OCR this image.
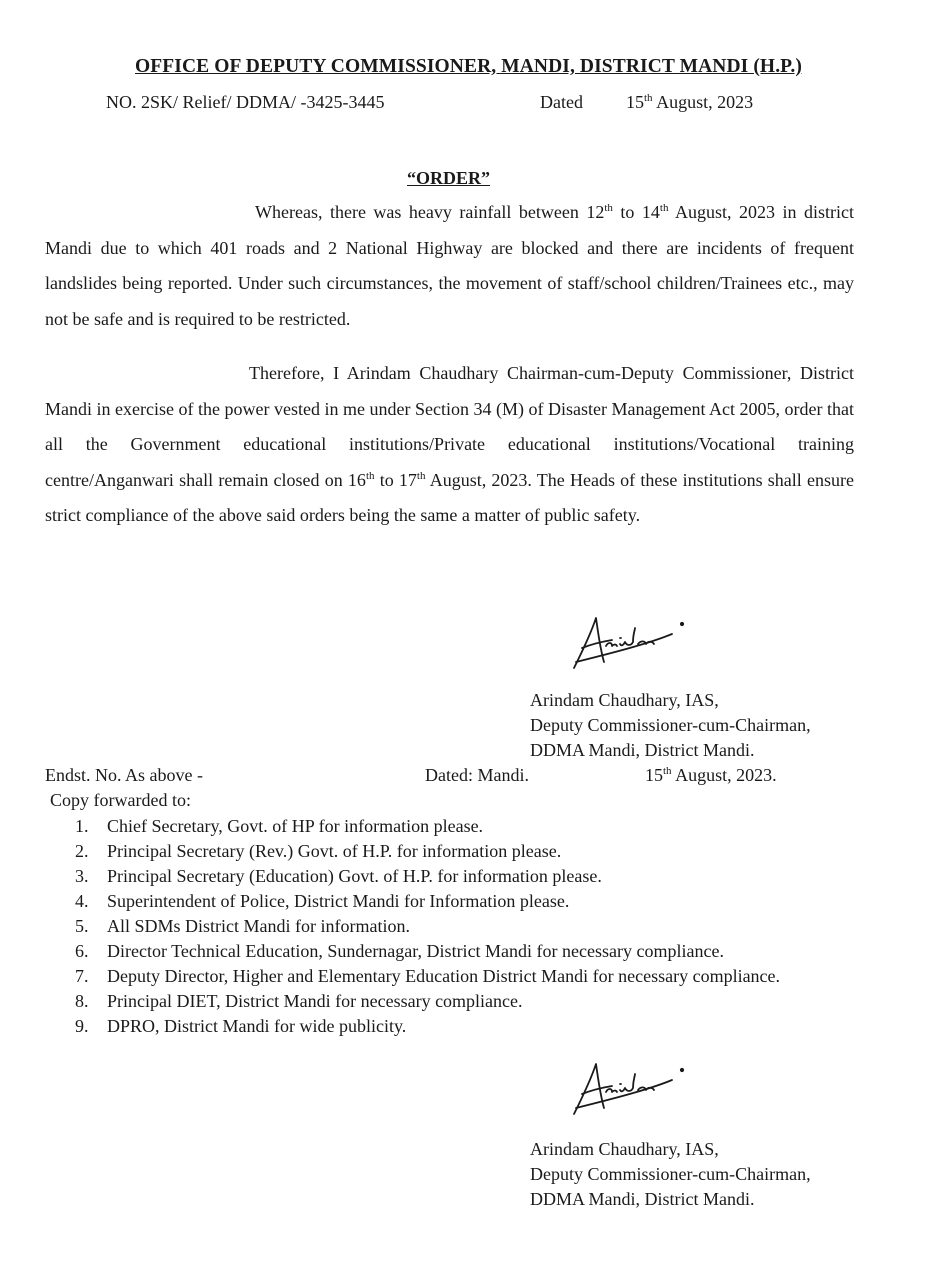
OFFICE OF DEPUTY COMMISSIONER, MANDI, DISTRICT MANDI (H.P.)
NO. 2SK/ Relief/ DDMA/ -3425-3445	Dated 15th August, 2023
“ORDER”
Whereas, there was heavy rainfall between 12th to 14th August, 2023 in district Mandi due to which 401 roads and 2 National Highway are blocked and there are incidents of frequent landslides being reported. Under such circumstances, the movement of staff/school children/Trainees etc., may not be safe and is required to be restricted.
Therefore, I Arindam Chaudhary Chairman-cum-Deputy Commissioner, District Mandi in exercise of the power vested in me under Section 34 (M) of Disaster Management Act 2005, order that all the Government educational institutions/Private educational institutions/Vocational training centre/Anganwari shall remain closed on 16th to 17th August, 2023. The Heads of these institutions shall ensure strict compliance of the above said orders being the same a matter of public safety.
Arindam Chaudhary, IAS,
Deputy Commissioner-cum-Chairman,
DDMA Mandi, District Mandi.
Endst. No. As above -	Dated: Mandi.	15th August, 2023.
Copy forwarded to:
1. Chief Secretary, Govt. of HP for information please.
2. Principal Secretary (Rev.) Govt. of H.P. for information please.
3. Principal Secretary (Education) Govt. of H.P. for information please.
4. Superintendent of Police, District Mandi for Information please.
5. All SDMs District Mandi for information.
6. Director Technical Education, Sundernagar, District Mandi for necessary compliance.
7. Deputy Director, Higher and Elementary Education District Mandi for necessary compliance.
8. Principal DIET, District Mandi for necessary compliance.
9. DPRO, District Mandi for wide publicity.
Arindam Chaudhary, IAS,
Deputy Commissioner-cum-Chairman,
DDMA Mandi, District Mandi.
